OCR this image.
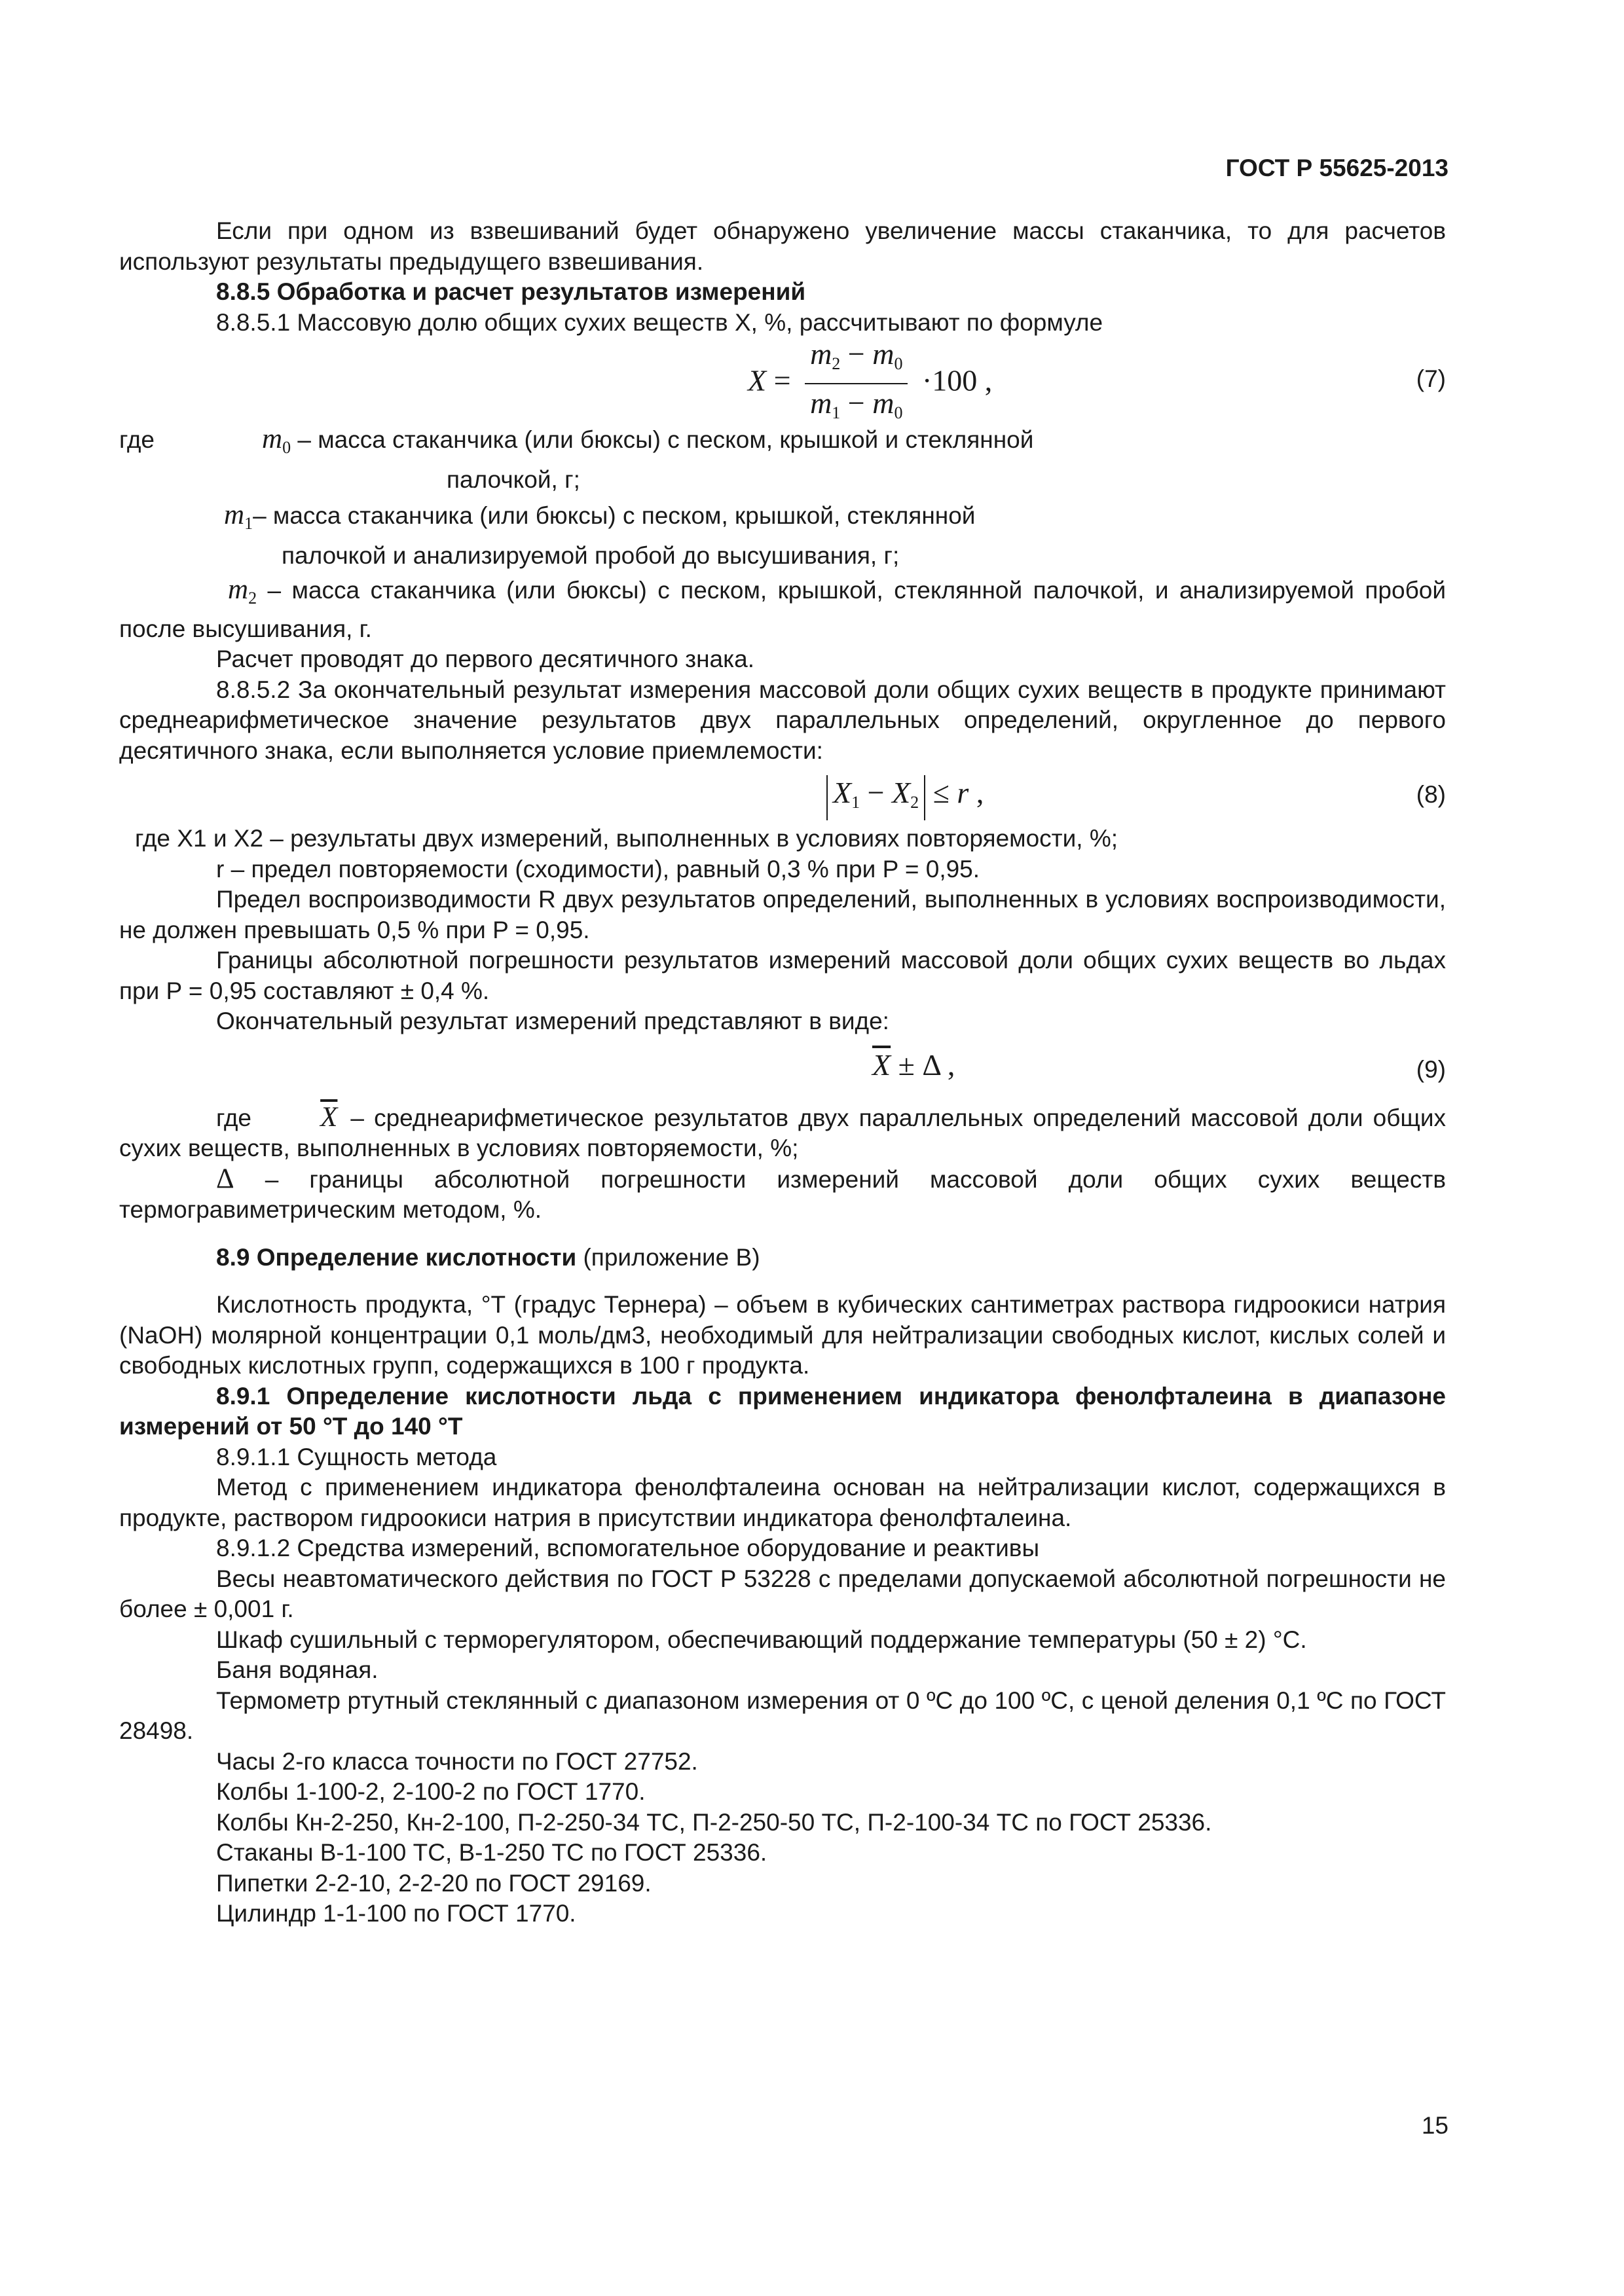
ГОСТ Р 55625-2013

Если при одном из взвешиваний будет обнаружено увеличение массы стаканчика, то для расчетов используют результаты предыдущего взвешивания.

8.8.5 Обработка и расчет результатов измерений

8.8.5.1 Массовую долю общих сухих веществ X, %, рассчитывают по формуле

$X = \frac{m_2 - m_0}{m_1 - m_0} \cdot 100$ ,	(7)

где	$m_0$ – масса стаканчика (или бюксы) с песком, крышкой и стеклянной

палочкой, г;

$m_1-$ масса стаканчика (или бюксы) с песком, крышкой, стеклянной

палочкой и анализируемой пробой до высушивания, г;

$m_2$ – масса стаканчика (или бюксы) с песком, крышкой, стеклянной палочкой, и анализируемой пробой после высушивания, г.

Расчет проводят до первого десятичного знака.

8.8.5.2 За окончательный результат измерения массовой доли общих сухих веществ в продукте принимают среднеарифметическое значение результатов двух параллельных определений, округленное до первого десятичного знака, если выполняется условие приемлемости:

$X_1 - X_2 \le r$ ,	(8)

где X1 и X2 – результаты двух измерений, выполненных в условиях повторяемости, %;

r – предел повторяемости (сходимости), равный 0,3 % при P = 0,95.

Предел воспроизводимости R двух результатов определений, выполненных в условиях воспроизводимости, не должен превышать 0,5 % при P = 0,95.

Границы абсолютной погрешности результатов измерений массовой доли общих сухих веществ во льдах при P = 0,95 составляют ± 0,4 %.

Окончательный результат измерений представляют в виде:

$\overline{X} \pm \Delta$ ,	(9)

где $\overline{X}$ – среднеарифметическое результатов двух параллельных определений массовой доли общих сухих веществ, выполненных в условиях повторяемости, %;

Δ – границы абсолютной погрешности измерений массовой доли общих сухих веществ термогравиметрическим методом, %.

8.9 Определение кислотности (приложение В)

Кислотность продукта, °Т (градус Тернера) – объем в кубических сантиметрах раствора гидроокиси натрия (NaOH) молярной концентрации 0,1 моль/дм3, необходимый для нейтрализации свободных кислот, кислых солей и свободных кислотных групп, содержащихся в 100 г продукта.

8.9.1 Определение кислотности льда с применением индикатора фенолфталеина в диапазоне измерений от 50 °Т до 140 °Т

8.9.1.1 Сущность метода

Метод с применением индикатора фенолфталеина основан на нейтрализации кислот, содержащихся в продукте, раствором гидроокиси натрия в присутствии индикатора фенолфталеина.

8.9.1.2 Средства измерений, вспомогательное оборудование и реактивы

Весы неавтоматического действия по ГОСТ Р 53228 с пределами допускаемой абсолютной погрешности не более ± 0,001 г.

Шкаф сушильный с терморегулятором, обеспечивающий поддержание температуры (50 ± 2) °С.

Баня водяная.

Термометр ртутный стеклянный с диапазоном измерения от 0 ºС до 100 ºС, с ценой деления 0,1 ºС по ГОСТ 28498.

Часы 2-го класса точности по ГОСТ 27752.

Колбы 1-100-2, 2-100-2 по ГОСТ 1770.

Колбы Кн-2-250, Кн-2-100, П-2-250-34 ТС, П-2-250-50 ТС, П-2-100-34 ТС по ГОСТ 25336.

Стаканы В-1-100 ТС, В-1-250 ТС по ГОСТ 25336.

Пипетки 2-2-10, 2-2-20 по ГОСТ 29169.

Цилиндр 1-1-100 по ГОСТ 1770.

15
